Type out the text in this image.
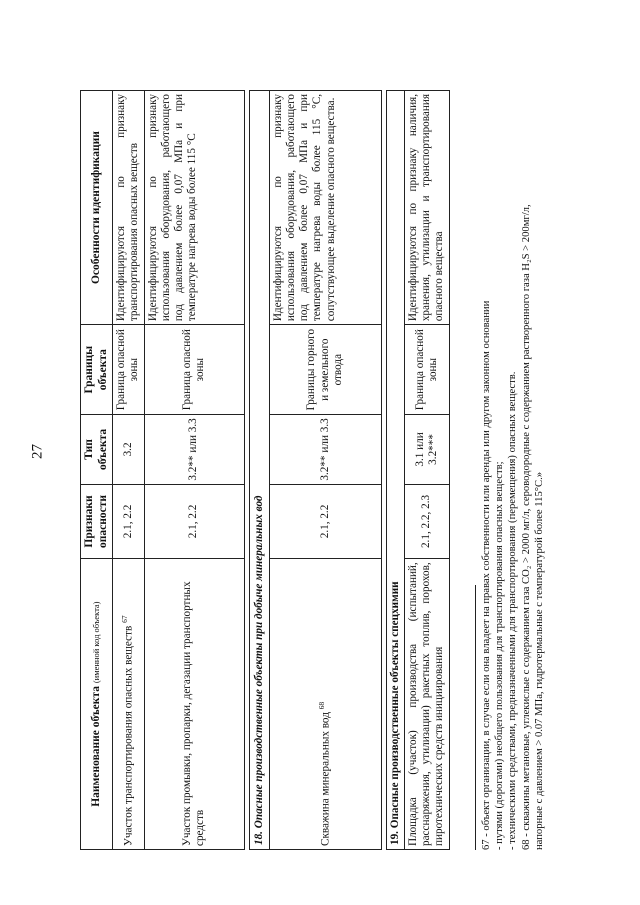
27
Наименование объекта (именной код объекта)	Признаки опасности	Тип объекта	Границы объекта	Особенности идентификации
Участок транспортирования опасных веществ $^{67}$	2.1, 2.2	3.2	Граница опасной зоны	Идентифицируются по признаку транспортирования опасных веществ
Участок промывки, пропарки, дегазации транспортных средств	2.1, 2.2	3.2** или 3.3	Граница опасной зоны	Идентифицируются по признаку использования оборудования, работающего под давлением более 0,07 МПа и при температуре нагрева воды более 115 °С

18. Опасные производственные объекты при добыче минеральных вод				
Скважина минеральных вод $^{68}$	2.1, 2.2	3.2** или 3.3	Границы горного и земельного отвода	Идентифицируются по признаку использования оборудования, работающего под давлением более 0,07 МПа и при температуре нагрева воды более 115 °С, сопутствующее выделение опасного вещества.

19. Опасные производственные объекты спецхимии				
Площадка (участок) производства (испытаний, расснаряжения, утилизации) ракетных топлив, порохов, пиротехнических средств инициирования	2.1, 2.2, 2.3	3.1 или 3.2***	Граница опасной зоны	Идентифицируются по признаку наличия, хранения, утилизации и транспортирования опасного вещества

67 - объект организации, в случае если она владеет на правах собственности или аренды или другом законном основании - путями (дорогами) необщего пользования для транспортирования опасных веществ; - техническими средствами, предназначенными для транспортирования (перемещения) опасных веществ. 68 - скважины метановые, углекислые с содержанием газа CO₂ > 2000 мг/л, сероводородные с содержанием растворенного газа H₂S > 200мг/л, напорные с давлением > 0.07 МПа, гидротермальные с температурой более 115°С.»
